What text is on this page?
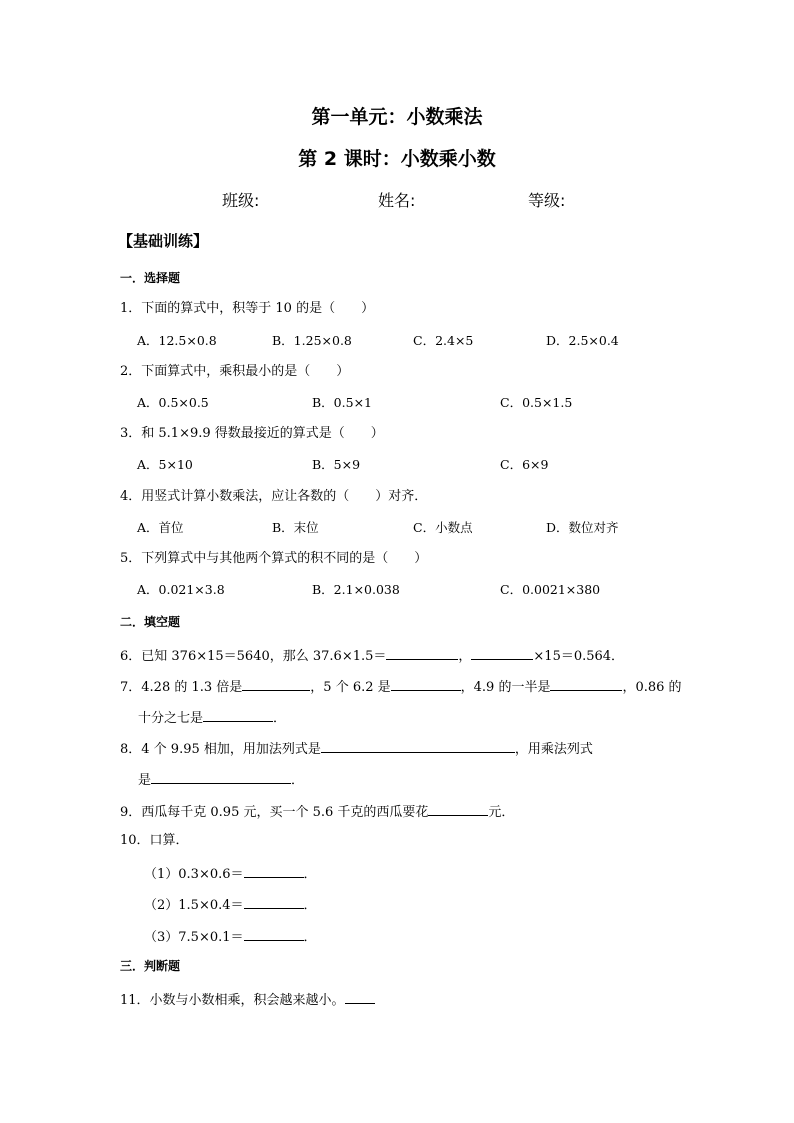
第一单元：小数乘法
第 2 课时：小数乘小数
班级:	姓名:	等级:
【基础训练】
一．选择题
1．下面的算式中，积等于 10 的是（　　）
A．12.5×0.8	B．1.25×0.8	C．2.4×5	D．2.5×0.4
2．下面算式中，乘积最小的是（　　）
A．0.5×0.5	B．0.5×1	C．0.5×1.5
3．和 5.1×9.9 得数最接近的算式是（　　）
A．5×10	B．5×9	C．6×9
4．用竖式计算小数乘法，应让各数的（　　）对齐．
A．首位	B．末位	C．小数点	D．数位对齐
5．下列算式中与其他两个算式的积不同的是（　　）
A．0.021×3.8	B．2.1×0.038	C．0.0021×380
二．填空题
6．已知 376×15＝5640，那么 37.6×1.5＝	，	×15＝0.564．
7．4.28 的 1.3 倍是	，5 个 6.2 是	，4.9 的一半是	，0.86 的
十分之七是	．
8．4 个 9.95 相加，用加法列式是	，用乘法列式
是	．
9．西瓜每千克 0.95 元，买一个 5.6 千克的西瓜要花	元．
10．口算．
（1）0.3×0.6＝	．
（2）1.5×0.4＝	．
（3）7.5×0.1＝	．
三．判断题
11．小数与小数相乘，积会越来越小。
